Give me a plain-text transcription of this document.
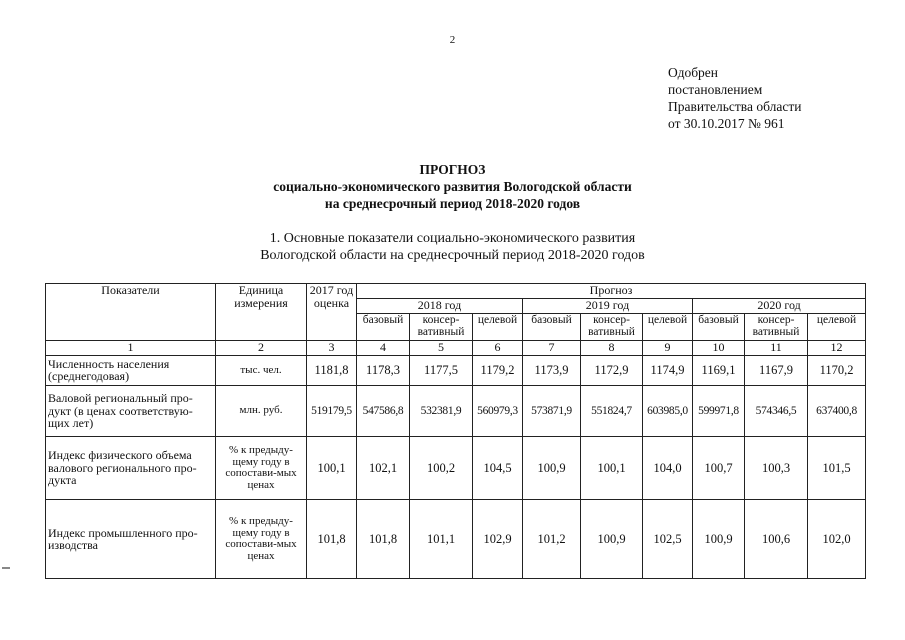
2
Одобрен
постановлением
Правительства области
от 30.10.2017 № 961
ПРОГНОЗ
социально-экономического развития Вологодской области
на среднесрочный период 2018-2020 годов
1. Основные показатели социально-экономического развития
Вологодской области на среднесрочный период 2018-2020 годов
Показатели	Единица измерения	2017 год оценка	Прогноз								
			2018 год			2019 год			2020 год		
			базовый	консер-вативный	целевой	базовый	консер-вативный	целевой	базовый	консер-вативный	целевой
1	2	3	4	5	6	7	8	9	10	11	12
Численность населения (среднегодовая)	тыс. чел.	1181,8	1178,3	1177,5	1179,2	1173,9	1172,9	1174,9	1169,1	1167,9	1170,2
Валовой региональный про-дукт (в ценах соответствую-щих лет)	млн. руб.	519179,5	547586,8	532381,9	560979,3	573871,9	551824,7	603985,0	599971,8	574346,5	637400,8
Индекс физического объема валового регионального про-дукта	% к предыду-щему году в сопостави-мых ценах	100,1	102,1	100,2	104,5	100,9	100,1	104,0	100,7	100,3	101,5
Индекс промышленного про-изводства	% к предыду-щему году в сопостави-мых ценах	101,8	101,8	101,1	102,9	101,2	100,9	102,5	100,9	100,6	102,0
